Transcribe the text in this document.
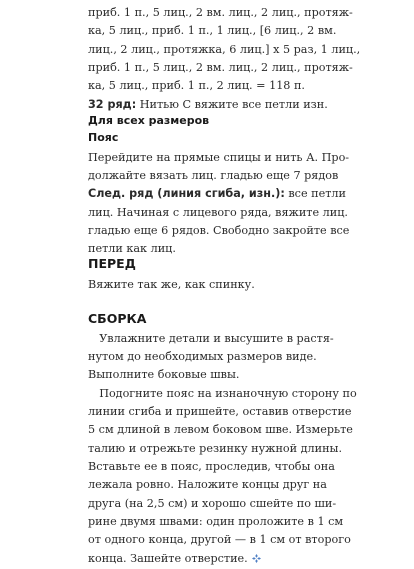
приб. 1 п., 5 лиц., 2 вм. лиц., 2 лиц., протяж-
ка, 5 лиц., приб. 1 п., 1 лиц., [6 лиц., 2 вм.
лиц., 2 лиц., протяжка, 6 лиц.] x 5 раз, 1 лиц.,
приб. 1 п., 5 лиц., 2 вм. лиц., 2 лиц., протяж-
ка, 5 лиц., приб. 1 п., 2 лиц. = 118 п.
32 ряд: Нитью С вяжите все петли изн.
Для всех размеров
Пояс
Перейдите на прямые спицы и нить А. Про-
должайте вязать лиц. гладью еще 7 рядов
След. ряд (линия сгиба, изн.): все петли
лиц. Начиная с лицевого ряда, вяжите лиц.
гладью еще 6 рядов. Свободно закройте все
петли как лиц.
ПЕРЕД
Вяжите так же, как спинку.
СБОРКА
Увлажните детали и высушите в растя-
нутом до необходимых размеров виде.
Выполните боковые швы.
Подогните пояс на изнаночную сторону по
линии сгиба и пришейте, оставив отверстие
5 см длиной в левом боковом шве. Измерьте
талию и отрежьте резинку нужной длины.
Вставьте ее в пояс, проследив, чтобы она
лежала ровно. Наложите концы друг на
друга (на 2,5 см) и хорошо сшейте по ши-
рине двумя швами: один проложите в 1 см
от одного конца, другой — в 1 см от второго
конца. Зашейте отверстие.
